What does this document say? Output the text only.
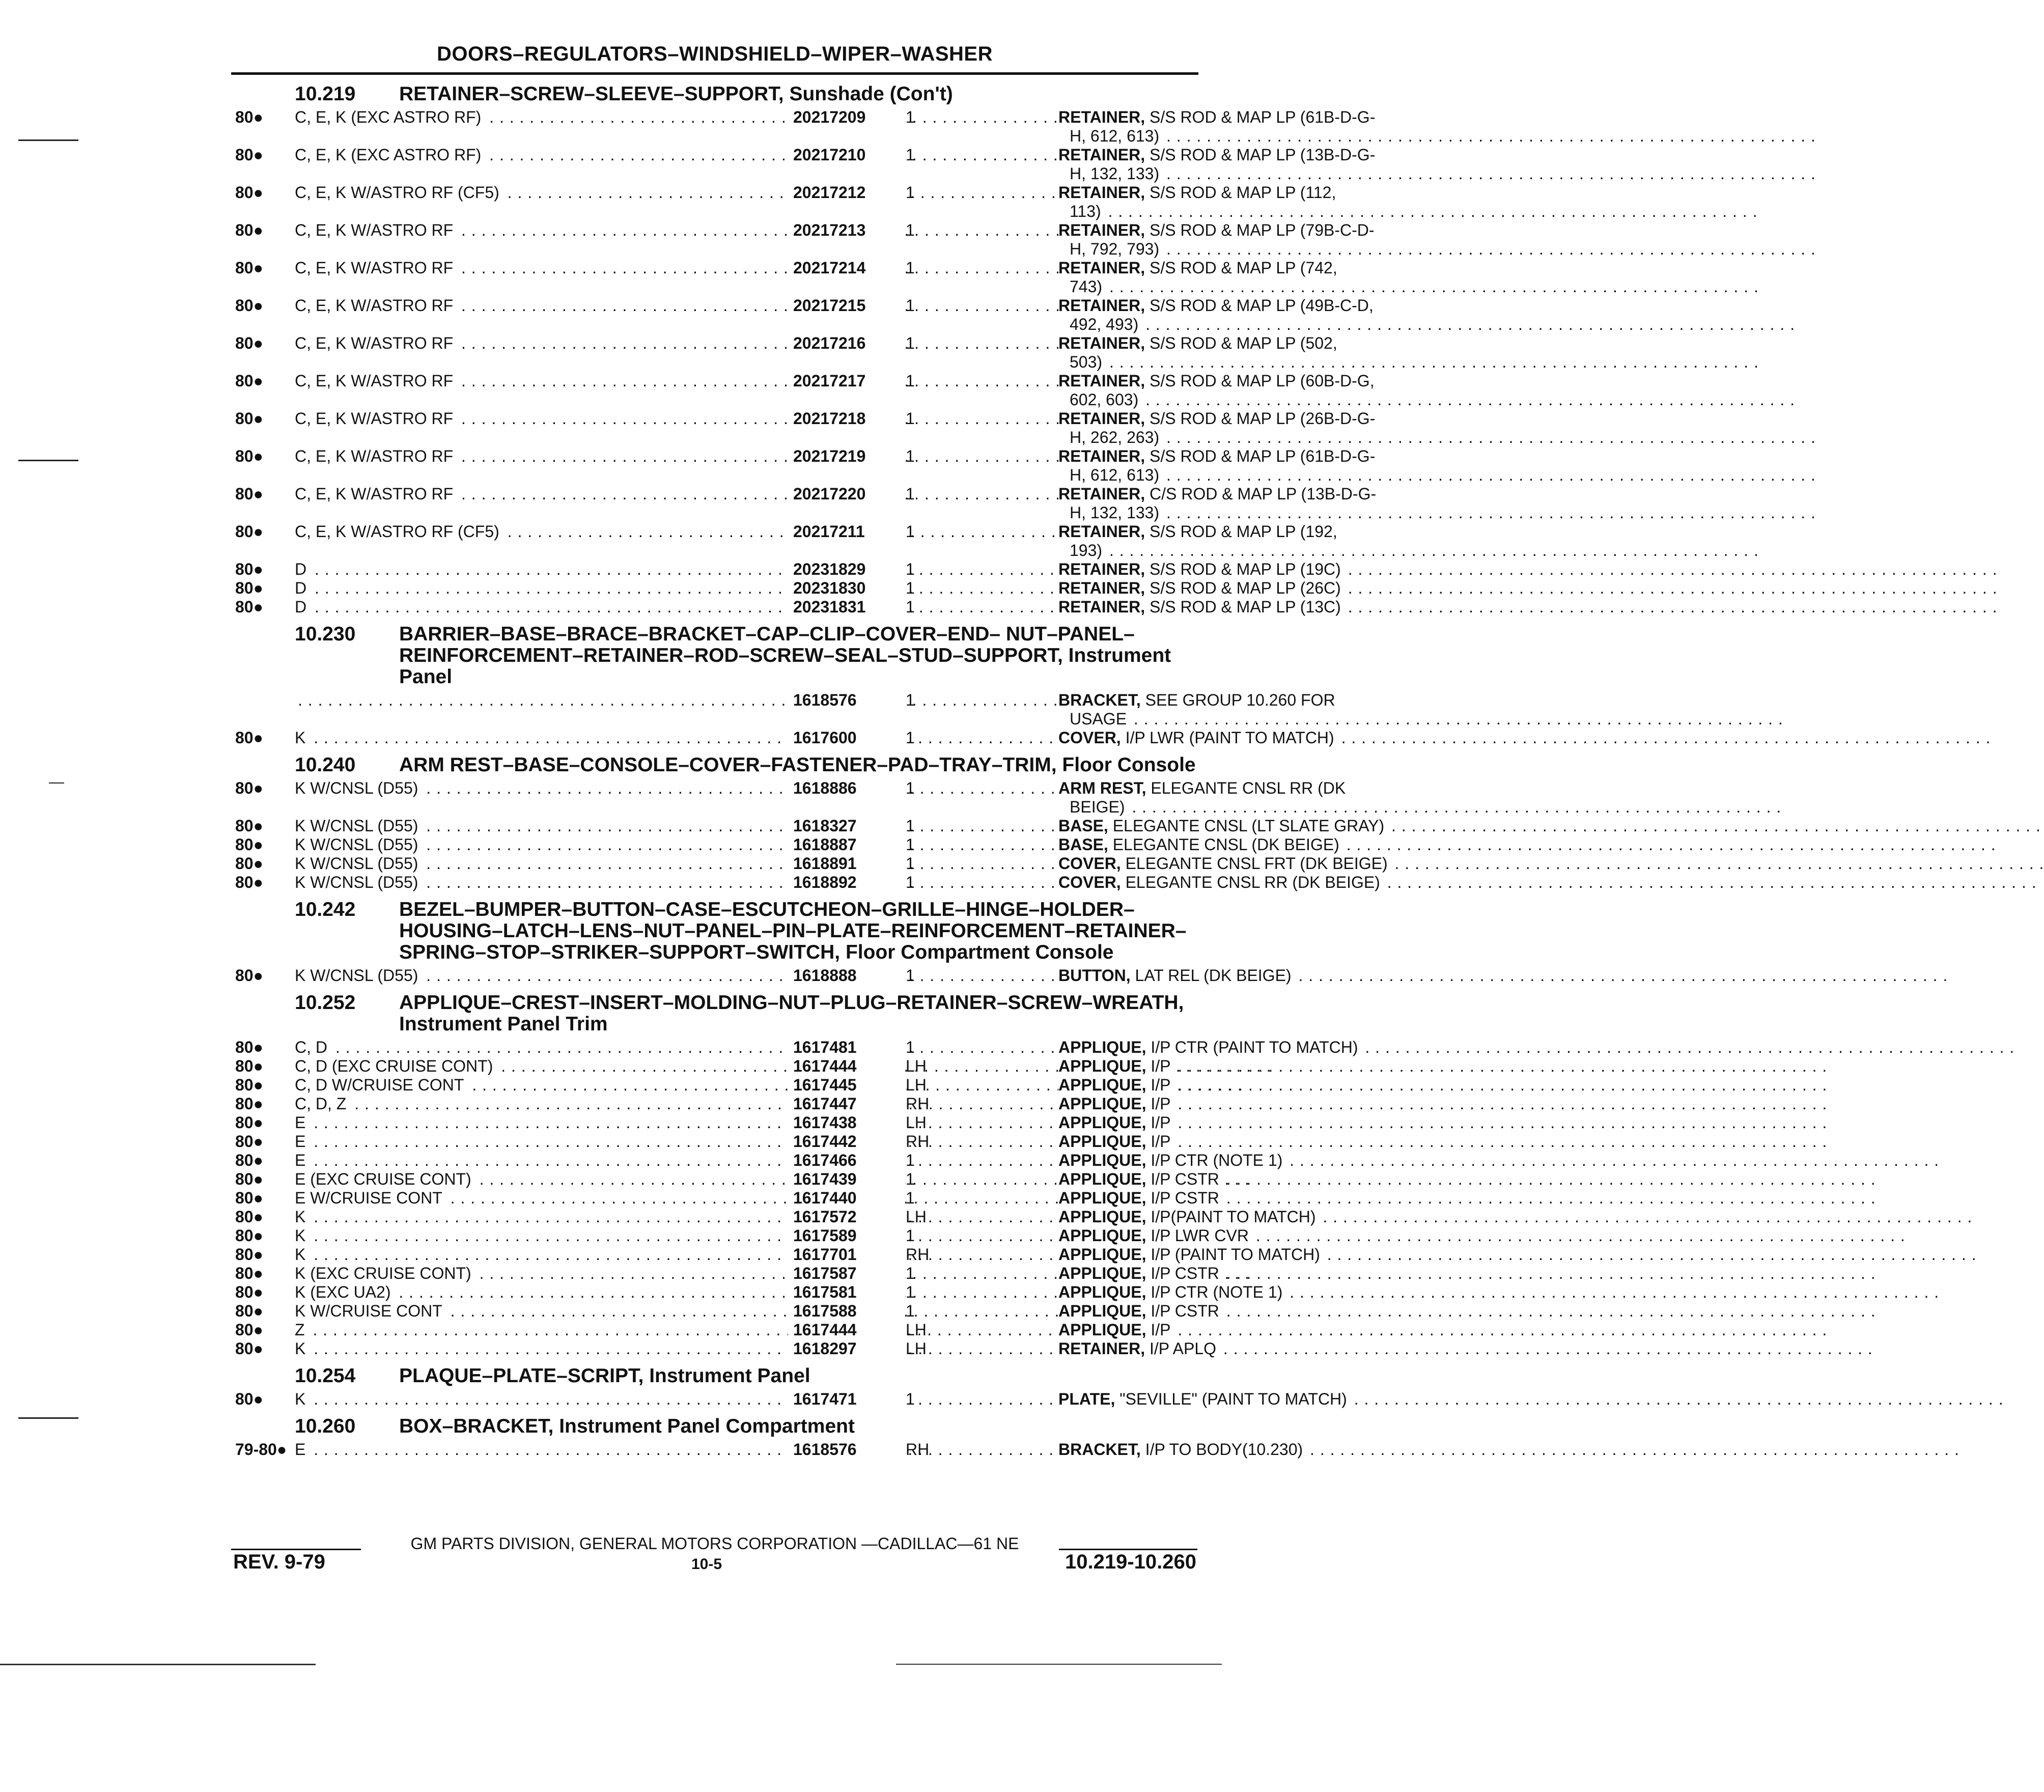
DOORS–REGULATORS–WINDSHIELD–WIPER–WASHER
10.219	RETAINER–SCREW–SLEEVE–SUPPORT, Sunshade (Con't)
80● C, E, K (EXC ASTRO RF) . . .	20217209	1	RETAINER, S/S ROD & MAP LP (61B-D-G-
H, 612, 613) . . .
80● C, E, K (EXC ASTRO RF) . . .	20217210	1	RETAINER, S/S ROD & MAP LP (13B-D-G-
H, 132, 133) . . .
80● C, E, K W/ASTRO RF (CF5) . . .	20217212	1	RETAINER, S/S ROD & MAP LP (112,
113) . . .
80● C, E, K W/ASTRO RF . . .	20217213	1	RETAINER, S/S ROD & MAP LP (79B-C-D-
H, 792, 793) . . .
80● C, E, K W/ASTRO RF . . .	20217214	1	RETAINER, S/S ROD & MAP LP (742,
743) . . .
80● C, E, K W/ASTRO RF . . .	20217215	1	RETAINER, S/S ROD & MAP LP (49B-C-D,
492, 493) . . .
80● C, E, K W/ASTRO RF . . .	20217216	1	RETAINER, S/S ROD & MAP LP (502,
503) . . .
80● C, E, K W/ASTRO RF . . .	20217217	1	RETAINER, S/S ROD & MAP LP (60B-D-G,
602, 603) . . .
80● C, E, K W/ASTRO RF . . .	20217218	1	RETAINER, S/S ROD & MAP LP (26B-D-G-
H, 262, 263) . . .
80● C, E, K W/ASTRO RF . . .	20217219	1	RETAINER, S/S ROD & MAP LP (61B-D-G-
H, 612, 613) . . .
80● C, E, K W/ASTRO RF . . .	20217220	1	RETAINER, C/S ROD & MAP LP (13B-D-G-
H, 132, 133) . . .
80● C, E, K W/ASTRO RF (CF5) . . .	20217211	1	RETAINER, S/S ROD & MAP LP (192,
193) . . .
80● D . . .	20231829	1	RETAINER, S/S ROD & MAP LP (19C) . . .
80● D . . .	20231830	1	RETAINER, S/S ROD & MAP LP (26C) . . .
80● D . . .	20231831	1	RETAINER, S/S ROD & MAP LP (13C) . . .
10.230	BARRIER–BASE–BRACE–BRACKET–CAP–CLIP–COVER–END– NUT–PANEL–REINFORCEMENT–RETAINER–ROD–SCREW–SEAL–STUD–SUPPORT, Instrument Panel
. . .
1618576	1	BRACKET, SEE GROUP 10.260 FOR
USAGE . . .
80● K . . .	1617600	1	COVER, I/P LWR (PAINT TO MATCH) . . .
10.240	ARM REST–BASE–CONSOLE–COVER–FASTENER–PAD–TRAY–TRIM, Floor Console
80● K W/CNSL (D55) . . .	1618886	1	ARM REST, ELEGANTE CNSL RR (DK
BEIGE) . . .
80● K W/CNSL (D55) . . .	1618327	1	BASE, ELEGANTE CNSL (LT SLATE GRAY) . . .
80● K W/CNSL (D55) . . .	1618887	1	BASE, ELEGANTE CNSL (DK BEIGE) . . .
80● K W/CNSL (D55) . . .	1618891	1	COVER, ELEGANTE CNSL FRT (DK BEIGE) . . .
80● K W/CNSL (D55) . . .	1618892	1	COVER, ELEGANTE CNSL RR (DK BEIGE) . . .
10.242	BEZEL–BUMPER–BUTTON–CASE–ESCUTCHEON–GRILLE–HINGE–HOLDER–HOUSING–LATCH–LENS–NUT–PANEL–PIN–PLATE–REINFORCEMENT–RETAINER–SPRING–STOP–STRIKER–SUPPORT–SWITCH, Floor Compartment Console
80● K W/CNSL (D55) . . .	1618888	1	BUTTON, LAT REL (DK BEIGE) . . .
10.252	APPLIQUE–CREST–INSERT–MOLDING–NUT–PLUG–RETAINER–SCREW–WREATH, Instrument Panel Trim
80● C, D . . .	1617481	1	APPLIQUE, I/P CTR (PAINT TO MATCH) . . .
80● C, D (EXC CRUISE CONT) . . .	1617444	LH	APPLIQUE, I/P . . .
80● C, D W/CRUISE CONT . . .	1617445	LH	APPLIQUE, I/P . . .
80● C, D, Z . . .	1617447	RH	APPLIQUE, I/P . . .
80● E . . .	1617438	LH	APPLIQUE, I/P . . .
80● E . . .	1617442	RH	APPLIQUE, I/P . . .
80● E . . .	1617466	1	APPLIQUE, I/P CTR (NOTE 1) . . .
80● E (EXC CRUISE CONT) . . .	1617439	1	APPLIQUE, I/P CSTR . . .
80● E W/CRUISE CONT . . .	1617440	1	APPLIQUE, I/P CSTR . . .
80● K . . .	1617572	LH	APPLIQUE, I/P(PAINT TO MATCH) . . .
80● K . . .	1617589	1	APPLIQUE, I/P LWR CVR . . .
80● K . . .	1617701	RH	APPLIQUE, I/P (PAINT TO MATCH) . . .
80● K (EXC CRUISE CONT) . . .	1617587	1	APPLIQUE, I/P CSTR . . .
80● K (EXC UA2) . . .	1617581	1	APPLIQUE, I/P CTR (NOTE 1) . . .
80● K W/CRUISE CONT . . .	1617588	1	APPLIQUE, I/P CSTR . . .
80● Z . . .	1617444	LH	APPLIQUE, I/P . . .
80● K . . .	1618297	LH	RETAINER, I/P APLQ . . .
10.254	PLAQUE–PLATE–SCRIPT, Instrument Panel
80● K . . .	1617471	1	PLATE, "SEVILLE" (PAINT TO MATCH) . . .
10.260	BOX–BRACKET, Instrument Panel Compartment
79-80● E . . .	1618576	RH	BRACKET, I/P TO BODY(10.230) . . .
GM PARTS DIVISION, GENERAL MOTORS CORPORATION —CADILLAC—61 NE
REV. 9-79	10-5	10.219-10.260
